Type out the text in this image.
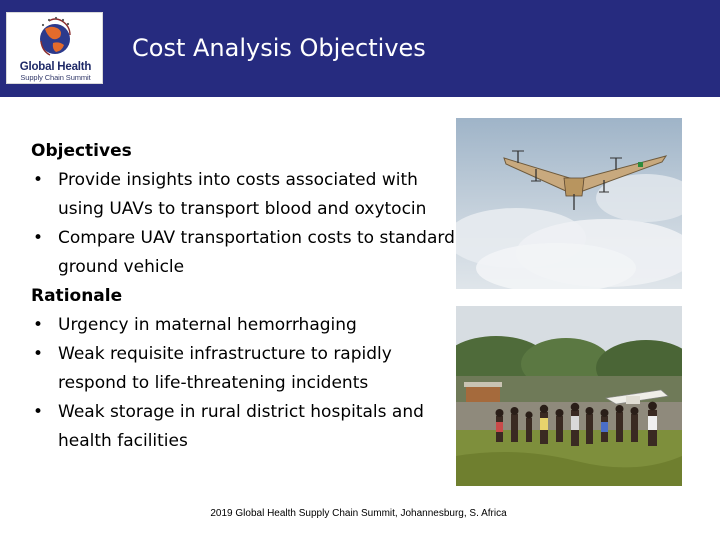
Global Health
Supply Chain Summit
Cost Analysis Objectives
Objectives
• Provide insights into costs associated with using UAVs to transport blood and oxytocin
• Compare UAV transportation costs to standard ground vehicle
Rationale
• Urgency in maternal hemorrhaging
• Weak requisite infrastructure to rapidly respond to life-threatening incidents
• Weak storage in rural district hospitals and health facilities
2019 Global Health Supply Chain Summit, Johannesburg, S. Africa
